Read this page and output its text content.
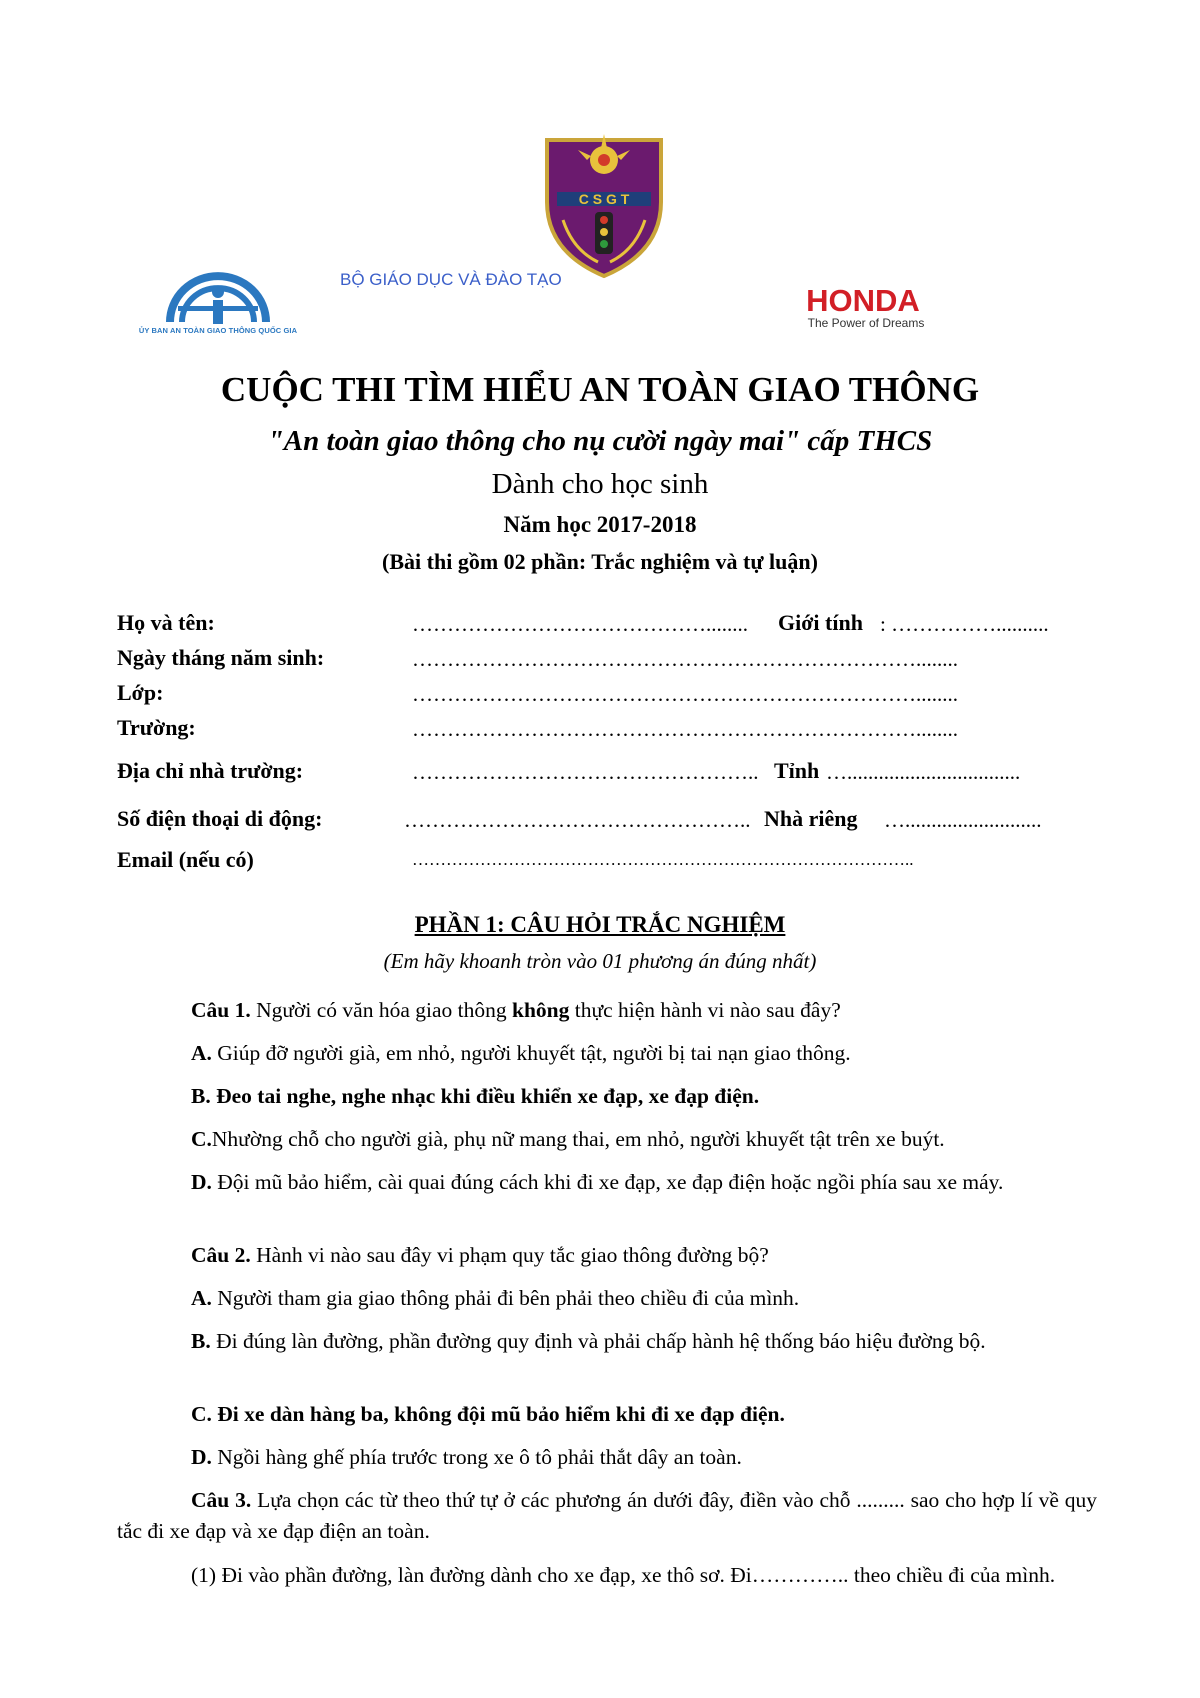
ỦY BAN AN TOÀN GIAO THÔNG QUỐC GIA
C S G T
BỘ GIÁO DỤC VÀ ĐÀO TẠO
HONDA
The Power of Dreams
CUỘC THI TÌM HIỂU AN TOÀN GIAO THÔNG
"An toàn giao thông cho nụ cười ngày mai" cấp THCS
Dành cho học sinh
Năm học 2017-2018
(Bài thi gồm 02 phần: Trắc nghiệm và tự luận)
Họ và tên:	……………………………………........	Giới tính : ……………..........
Ngày tháng năm sinh:	………………………………………………………………........
Lớp:	………………………………………………………………........
Trường:	………………………………………………………………........
Địa chỉ nhà trường:	………………………………………….. Tỉnh ….................................
Số điện thoại di động:	………………………………………….. Nhà riêng …..........................
Email (nếu có)	……………………………………………………………………………..
PHẦN 1: CÂU HỎI TRẮC NGHIỆM
(Em hãy khoanh tròn vào 01 phương án đúng nhất)
Câu 1. Người có văn hóa giao thông không thực hiện hành vi nào sau đây?
A. Giúp đỡ người già, em nhỏ, người khuyết tật, người bị tai nạn giao thông.
B. Đeo tai nghe, nghe nhạc khi điều khiển xe đạp, xe đạp điện.
C.Nhường chỗ cho người già, phụ nữ mang thai, em nhỏ, người khuyết tật trên xe buýt.
D. Đội mũ bảo hiểm, cài quai đúng cách khi đi xe đạp, xe đạp điện hoặc ngồi phía sau xe máy.
Câu 2. Hành vi nào sau đây vi phạm quy tắc giao thông đường bộ?
A. Người tham gia giao thông phải đi bên phải theo chiều đi của mình.
B. Đi đúng làn đường, phần đường quy định và phải chấp hành hệ thống báo hiệu đường bộ.
C. Đi xe dàn hàng ba, không đội mũ bảo hiểm khi đi xe đạp điện.
D. Ngồi hàng ghế phía trước trong xe ô tô phải thắt dây an toàn.
Câu 3. Lựa chọn các từ theo thứ tự ở các phương án dưới đây, điền vào chỗ ......... sao cho hợp lí về quy tắc đi xe đạp và xe đạp điện an toàn.
(1) Đi vào phần đường, làn đường dành cho xe đạp, xe thô sơ. Đi………….. theo chiều đi của mình.
